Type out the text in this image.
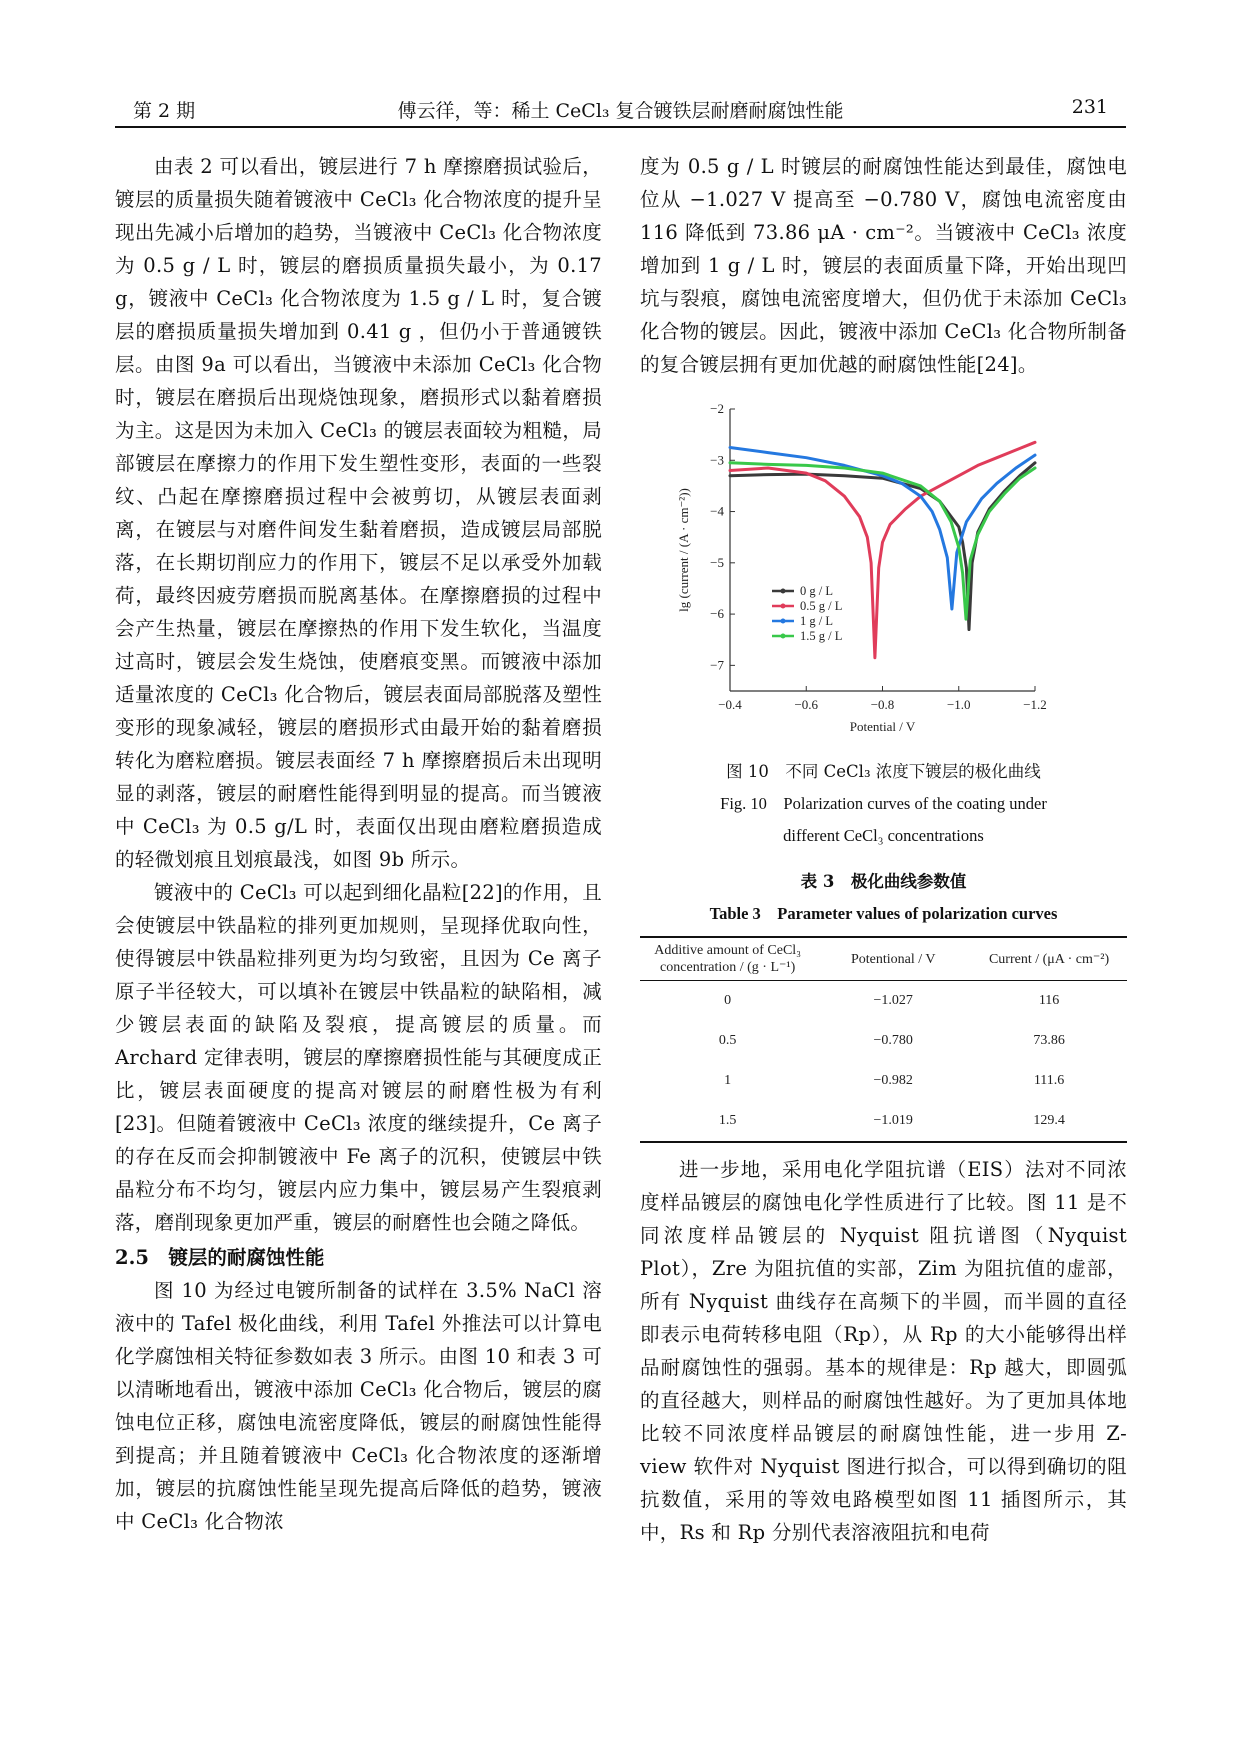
第 2 期	傅云徉，等：稀土 CeCl₃ 复合镀铁层耐磨耐腐蚀性能	231

由表 2 可以看出，镀层进行 7 h 摩擦磨损试验后，镀层的质量损失随着镀液中 CeCl₃ 化合物浓度的提升呈现出先减小后增加的趋势，当镀液中 CeCl₃ 化合物浓度为 0.5 g / L 时，镀层的磨损质量损失最小，为 0.17 g，镀液中 CeCl₃ 化合物浓度为 1.5 g / L 时，复合镀层的磨损质量损失增加到 0.41 g ，但仍小于普通镀铁层。由图 9a 可以看出，当镀液中未添加 CeCl₃ 化合物时，镀层在磨损后出现烧蚀现象，磨损形式以黏着磨损为主。这是因为未加入 CeCl₃ 的镀层表面较为粗糙，局部镀层在摩擦力的作用下发生塑性变形，表面的一些裂纹、凸起在摩擦磨损过程中会被剪切，从镀层表面剥离，在镀层与对磨件间发生黏着磨损，造成镀层局部脱落，在长期切削应力的作用下，镀层不足以承受外加载荷，最终因疲劳磨损而脱离基体。在摩擦磨损的过程中会产生热量，镀层在摩擦热的作用下发生软化，当温度过高时，镀层会发生烧蚀，使磨痕变黑。而镀液中添加适量浓度的 CeCl₃ 化合物后，镀层表面局部脱落及塑性变形的现象减轻，镀层的磨损形式由最开始的黏着磨损转化为磨粒磨损。镀层表面经 7 h 摩擦磨损后未出现明显的剥落，镀层的耐磨性能得到明显的提高。而当镀液中 CeCl₃ 为 0.5 g/L 时，表面仅出现由磨粒磨损造成的轻微划痕且划痕最浅，如图 9b 所示。

镀液中的 CeCl₃ 可以起到细化晶粒[22]的作用，且会使镀层中铁晶粒的排列更加规则，呈现择优取向性，使得镀层中铁晶粒排列更为均匀致密，且因为 Ce 离子原子半径较大，可以填补在镀层中铁晶粒的缺陷相，减少镀层表面的缺陷及裂痕，提高镀层的质量。而 Archard 定律表明，镀层的摩擦磨损性能与其硬度成正比，镀层表面硬度的提高对镀层的耐磨性极为有利[23]。但随着镀液中 CeCl₃ 浓度的继续提升，Ce 离子的存在反而会抑制镀液中 Fe 离子的沉积，使镀层中铁晶粒分布不均匀，镀层内应力集中，镀层易产生裂痕剥落，磨削现象更加严重，镀层的耐磨性也会随之降低。

2.5　镀层的耐腐蚀性能

图 10 为经过电镀所制备的试样在 3.5% NaCl 溶液中的 Tafel 极化曲线，利用 Tafel 外推法可以计算电化学腐蚀相关特征参数如表 3 所示。由图 10 和表 3 可以清晰地看出，镀液中添加 CeCl₃ 化合物后，镀层的腐蚀电位正移，腐蚀电流密度降低，镀层的耐腐蚀性能得到提高；并且随着镀液中 CeCl₃ 化合物浓度的逐渐增加，镀层的抗腐蚀性能呈现先提高后降低的趋势，镀液中 CeCl₃ 化合物浓

度为 0.5 g / L 时镀层的耐腐蚀性能达到最佳，腐蚀电位从 −1.027 V 提高至 −0.780 V，腐蚀电流密度由 116 降低到 73.86 μA · cm⁻²。当镀液中 CeCl₃ 浓度增加到 1 g / L 时，镀层的表面质量下降，开始出现凹坑与裂痕，腐蚀电流密度增大，但仍优于未添加 CeCl₃ 化合物的镀层。因此，镀液中添加 CeCl₃ 化合物所制备的复合镀层拥有更加优越的耐腐蚀性能[24]。

−0.4	−0.6	−0.8	−1.0	−1.2
−2
−3
−4
−5
−6
−7
Potential / V
lg (current / (A · cm⁻²))	0 g / L
0.5 g / L
1 g / L
1.5 g / L
图 10　不同 CeCl₃ 浓度下镀层的极化曲线
Fig. 10　Polarization curves of the coating under
different CeCl₃ concentrations
表 3　极化曲线参数值
Table 3　Parameter values of polarization curves
Additive amount of CeCl₃ concentration / (g · L⁻¹)	Potentional / V	Current / (μA · cm⁻²)
0	−1.027	116
0.5	−0.780	73.86
1	−0.982	111.6
1.5	−1.019	129.4

进一步地，采用电化学阻抗谱（EIS）法对不同浓度样品镀层的腐蚀电化学性质进行了比较。图 11 是不同浓度样品镀层的 Nyquist 阻抗谱图（Nyquist Plot），Zre 为阻抗值的实部，Zim 为阻抗值的虚部，所有 Nyquist 曲线存在高频下的半圆，而半圆的直径即表示电荷转移电阻（Rp），从 Rp 的大小能够得出样品耐腐蚀性的强弱。基本的规律是：Rp 越大，即圆弧的直径越大，则样品的耐腐蚀性越好。为了更加具体地比较不同浓度样品镀层的耐腐蚀性能，进一步用 Z-view 软件对 Nyquist 图进行拟合，可以得到确切的阻抗数值，采用的等效电路模型如图 11 插图所示，其中，Rs 和 Rp 分别代表溶液阻抗和电荷
